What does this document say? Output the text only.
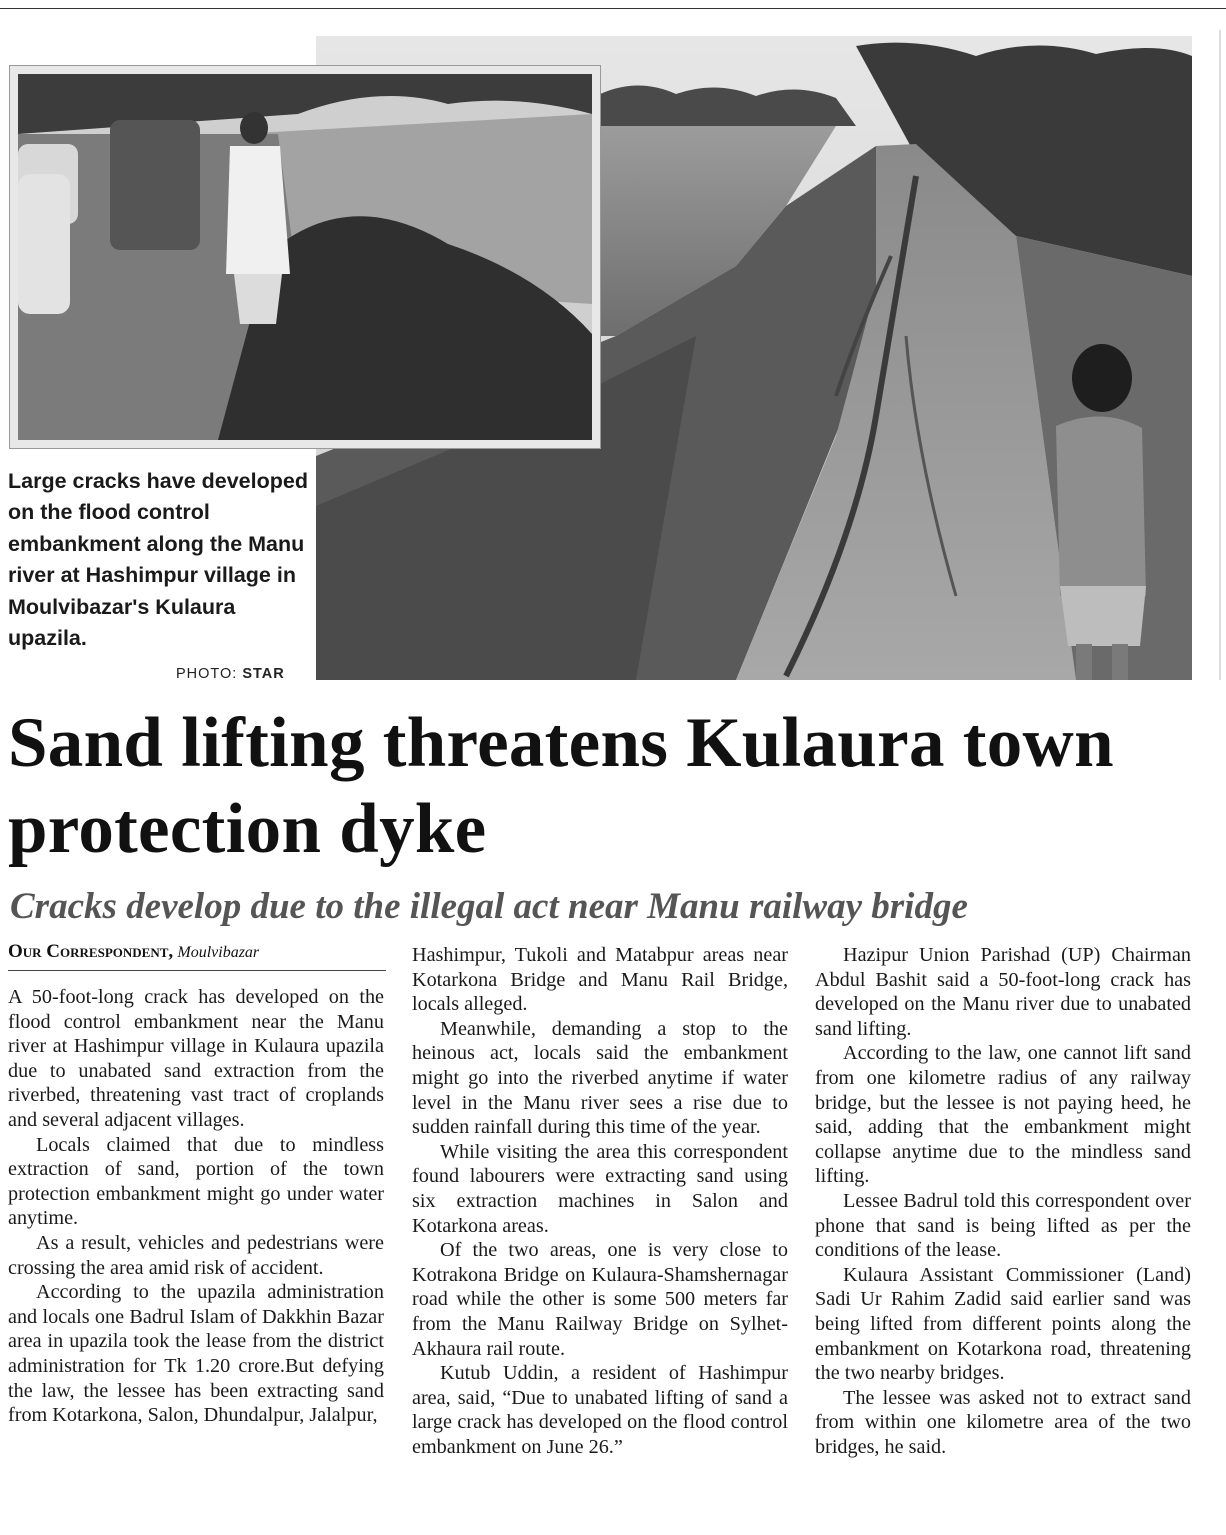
Large cracks have developed on the flood control embankment along the Manu river at Hashimpur village in Moulvibazar's Kulaura upazila.
PHOTO: STAR
Sand lifting threatens Kulaura town protection dyke
Cracks develop due to the illegal act near Manu railway bridge
Our Correspondent, Moulvibazar

A 50-foot-long crack has developed on the flood control embankment near the Manu river at Hashimpur village in Kulaura upazila due to unabated sand extraction from the riverbed, threatening vast tract of croplands and several adjacent villages.

Locals claimed that due to mindless extraction of sand, portion of the town protection embankment might go under water anytime.

As a result, vehicles and pedestrians were crossing the area amid risk of accident.

According to the upazila administration and locals one Badrul Islam of Dakkhin Bazar area in upazila took the lease from the district administration for Tk 1.20 crore.But defying the law, the lessee has been extracting sand from Kotarkona, Salon, Dhundalpur, Jalalpur,

Hashimpur, Tukoli and Matabpur areas near Kotarkona Bridge and Manu Rail Bridge, locals alleged.

Meanwhile, demanding a stop to the heinous act, locals said the embankment might go into the riverbed anytime if water level in the Manu river sees a rise due to sudden rainfall during this time of the year.

While visiting the area this correspondent found labourers were extracting sand using six extraction machines in Salon and Kotarkona areas.

Of the two areas, one is very close to Kotrakona Bridge on Kulaura-Shamshernagar road while the other is some 500 meters far from the Manu Railway Bridge on Sylhet-Akhaura rail route.

Kutub Uddin, a resident of Hashimpur area, said, “Due to unabated lifting of sand a large crack has developed on the flood control embankment on June 26.”

Hazipur Union Parishad (UP) Chairman Abdul Bashit said a 50-foot-long crack has developed on the Manu river due to unabated sand lifting.

According to the law, one cannot lift sand from one kilometre radius of any railway bridge, but the lessee is not paying heed, he said, adding that the embankment might collapse anytime due to the mindless sand lifting.

Lessee Badrul told this correspondent over phone that sand is being lifted as per the conditions of the lease.

Kulaura Assistant Commissioner (Land) Sadi Ur Rahim Zadid said earlier sand was being lifted from different points along the embankment on Kotarkona road, threatening the two nearby bridges.

The lessee was asked not to extract sand from within one kilometre area of the two bridges, he said.
